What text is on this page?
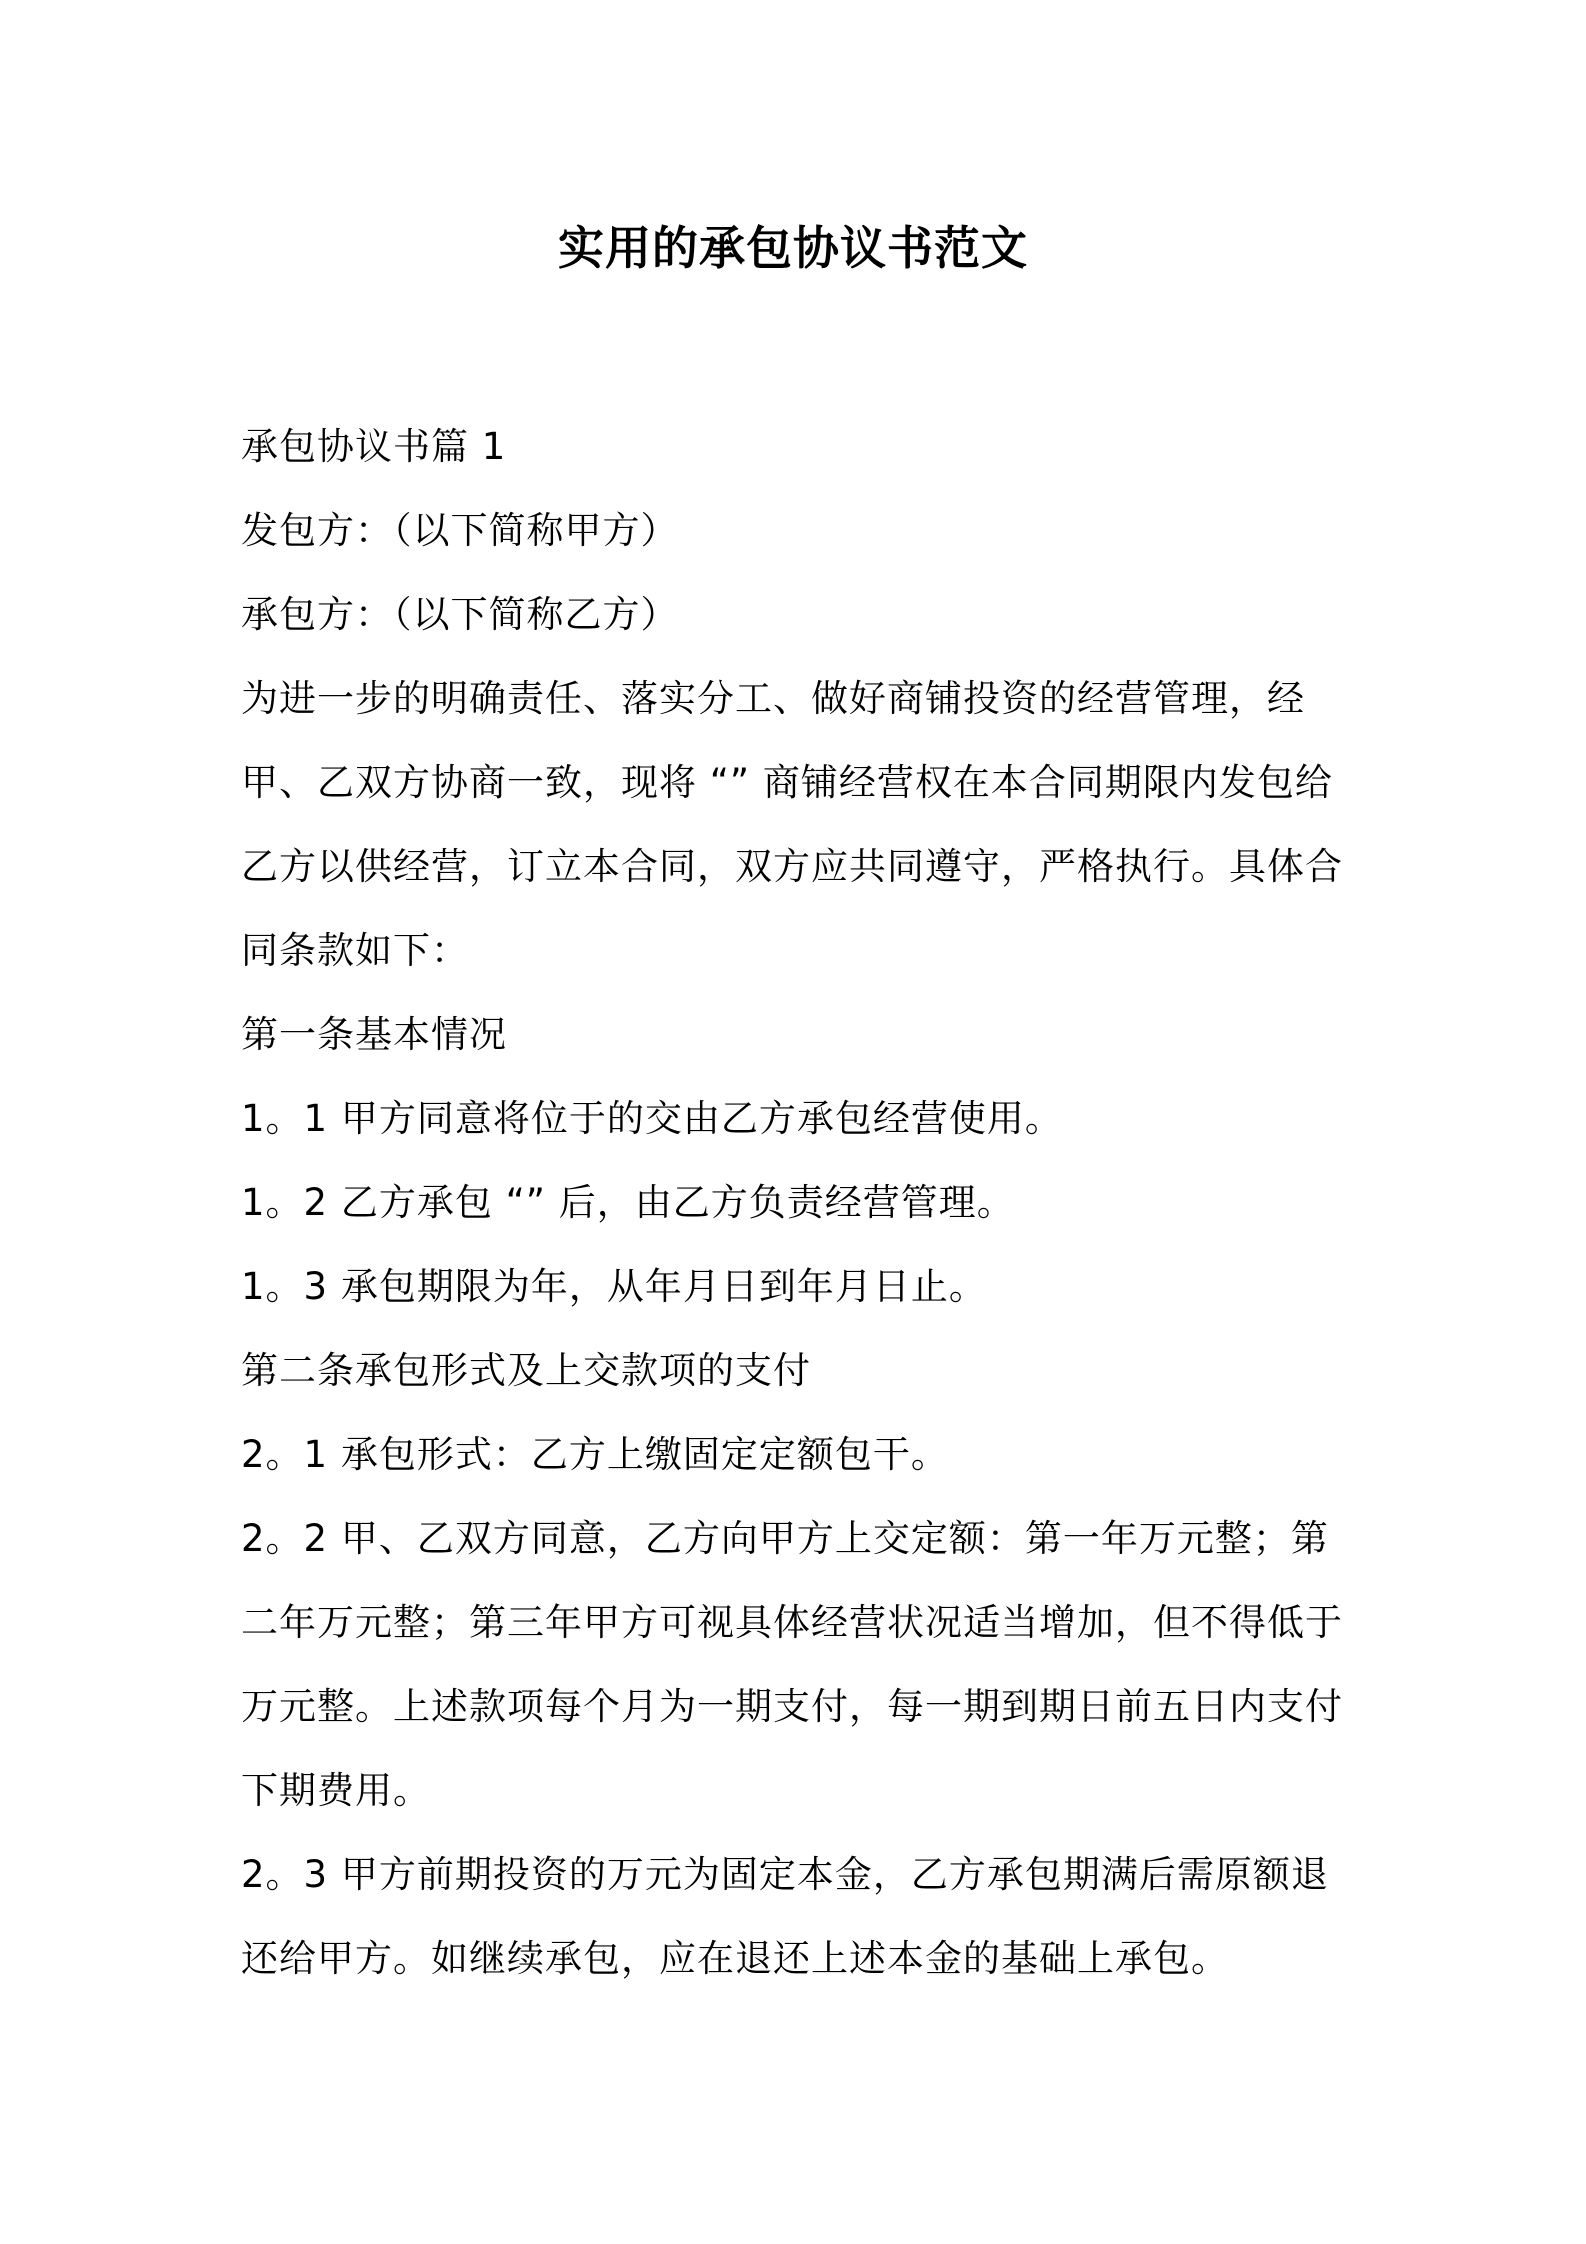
实用的承包协议书范文

承包协议书篇 1

发包方：（以下简称甲方）

承包方：（以下简称乙方）

为进一步的明确责任、落实分工、做好商铺投资的经营管理，经甲、乙双方协商一致，现将 “” 商铺经营权在本合同期限内发包给乙方以供经营，订立本合同，双方应共同遵守，严格执行。具体合同条款如下：

第一条基本情况

1。1 甲方同意将位于的交由乙方承包经营使用。

1。2 乙方承包 “” 后，由乙方负责经营管理。

1。3 承包期限为年，从年月日到年月日止。

第二条承包形式及上交款项的支付

2。1 承包形式：乙方上缴固定定额包干。

2。2 甲、乙双方同意，乙方向甲方上交定额：第一年万元整；第二年万元整；第三年甲方可视具体经营状况适当增加，但不得低于万元整。上述款项每个月为一期支付，每一期到期日前五日内支付下期费用。

2。3 甲方前期投资的万元为固定本金，乙方承包期满后需原额退还给甲方。如继续承包，应在退还上述本金的基础上承包。
